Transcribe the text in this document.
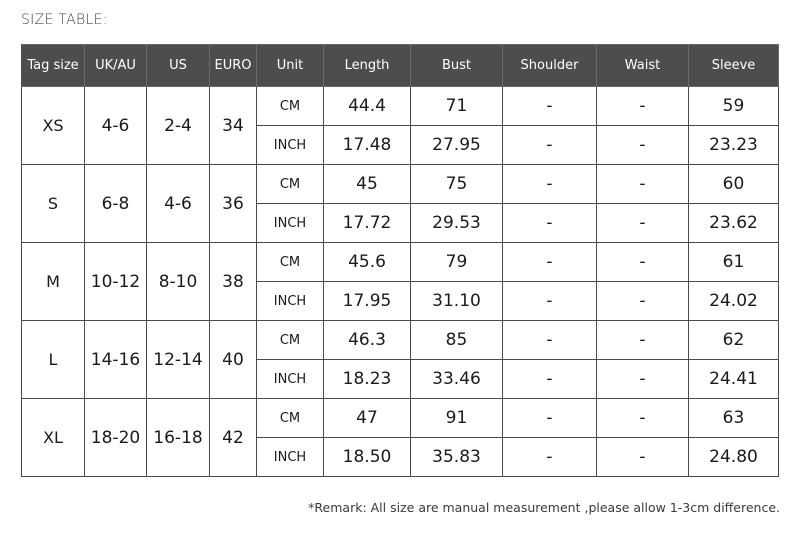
SIZE TABLE:
Tag size	UK/AU	US	EURO	Unit	Length	Bust	Shoulder	Waist	Sleeve
XS	4-6	2-4	34	CM	44.4	71	-	-	59
				INCH	17.48	27.95	-	-	23.23
S	6-8	4-6	36	CM	45	75	-	-	60
				INCH	17.72	29.53	-	-	23.62
M	10-12	8-10	38	CM	45.6	79	-	-	61
				INCH	17.95	31.10	-	-	24.02
L	14-16	12-14	40	CM	46.3	85	-	-	62
				INCH	18.23	33.46	-	-	24.41
XL	18-20	16-18	42	CM	47	91	-	-	63
				INCH	18.50	35.83	-	-	24.80
*Remark: All size are manual measurement ,please allow 1-3cm difference.
